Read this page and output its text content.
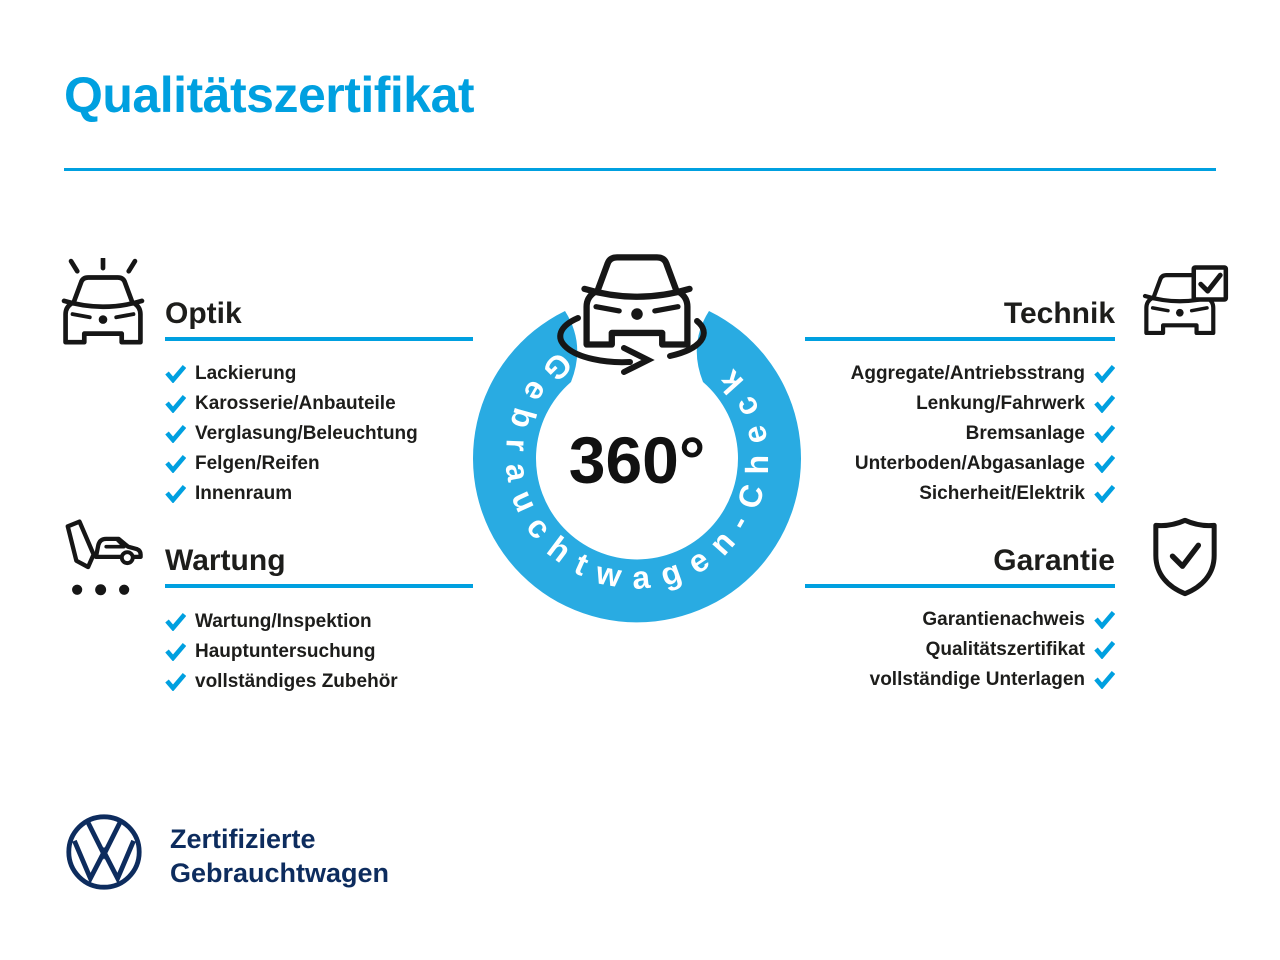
Qualitätszertifikat
Optik
Lackierung
Karosserie/Anbauteile
Verglasung/Beleuchtung
Felgen/Reifen
Innenraum
Wartung
Wartung/Inspektion
Hauptuntersuchung
vollständiges Zubehör
Technik
Aggregate/Antriebsstrang
Lenkung/Fahrwerk
Bremsanlage
Unterboden/Abgasanlage
Sicherheit/Elektrik
Garantie
Garantienachweis
Qualitätszertifikat
vollständige Unterlagen
Gebrauchtwagen-Check
360°
Zertifizierte
Gebrauchtwagen
